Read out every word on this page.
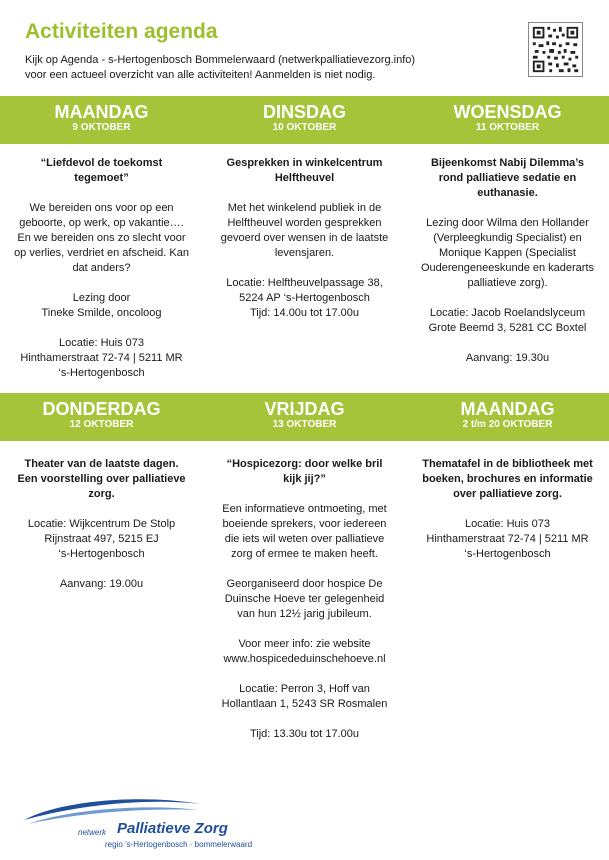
Activiteiten agenda
Kijk op Agenda - s-Hertogenbosch Bommelerwaard (netwerkpalliatievezorg.info)
voor een actueel overzicht van alle activiteiten! Aanmelden is niet nodig.
MAANDAG
9 OKTOBER
DINSDAG
10 OKTOBER
WOENSDAG
11 OKTOBER

“Liefdevol de toekomst tegemoet”

We bereiden ons voor op een geboorte, op werk, op vakantie…. En we bereiden ons zo slecht voor op verlies, verdriet en afscheid. Kan dat anders?

Lezing door
Tineke Smilde, oncoloog

Locatie: Huis 073
Hinthamerstraat 72-74 | 5211 MR
‘s-Hertogenbosch

Gesprekken in winkelcentrum Helftheuvel

Met het winkelend publiek in de Helftheuvel worden gesprekken gevoerd over wensen in de laatste levensjaren.

Locatie: Helftheuvelpassage 38,
5224 AP ‘s-Hertogenbosch
Tijd: 14.00u tot 17.00u

Bijeenkomst Nabij Dilemma’s rond palliatieve sedatie en euthanasie.

Lezing door Wilma den Hollander (Verpleegkundig Specialist) en Monique Kappen (Specialist Ouderengeneeskunde en kaderarts palliatieve zorg).

Locatie: Jacob Roelandslyceum
Grote Beemd 3, 5281 CC Boxtel

Aanvang: 19.30u

DONDERDAG
12 OKTOBER
VRIJDAG
13 OKTOBER
MAANDAG
2 t/m 20 OKTOBER

Theater van de laatste dagen. Een voorstelling over palliatieve zorg.

Locatie: Wijkcentrum De Stolp
Rijnstraat 497, 5215 EJ
‘s-Hertogenbosch

Aanvang: 19.00u

“Hospicezorg: door welke bril kijk jij?”

Een informatieve ontmoeting, met boeiende sprekers, voor iedereen die iets wil weten over palliatieve zorg of ermee te maken heeft.

Georganiseerd door hospice De Duinsche Hoeve ter gelegenheid van hun 12½ jarig jubileum.

Voor meer info: zie website
www.hospicededuinschehoeve.nl

Locatie: Perron 3, Hoff van Hollantlaan 1, 5243 SR Rosmalen

Tijd: 13.30u tot 17.00u

Thematafel in de bibliotheek met boeken, brochures en informatie over palliatieve zorg.

Locatie: Huis 073
Hinthamerstraat 72-74 | 5211 MR
‘s-Hertogenbosch

netwerk Palliatieve Zorg
regio ’s-Hertogenbosch · bommelerwaard
